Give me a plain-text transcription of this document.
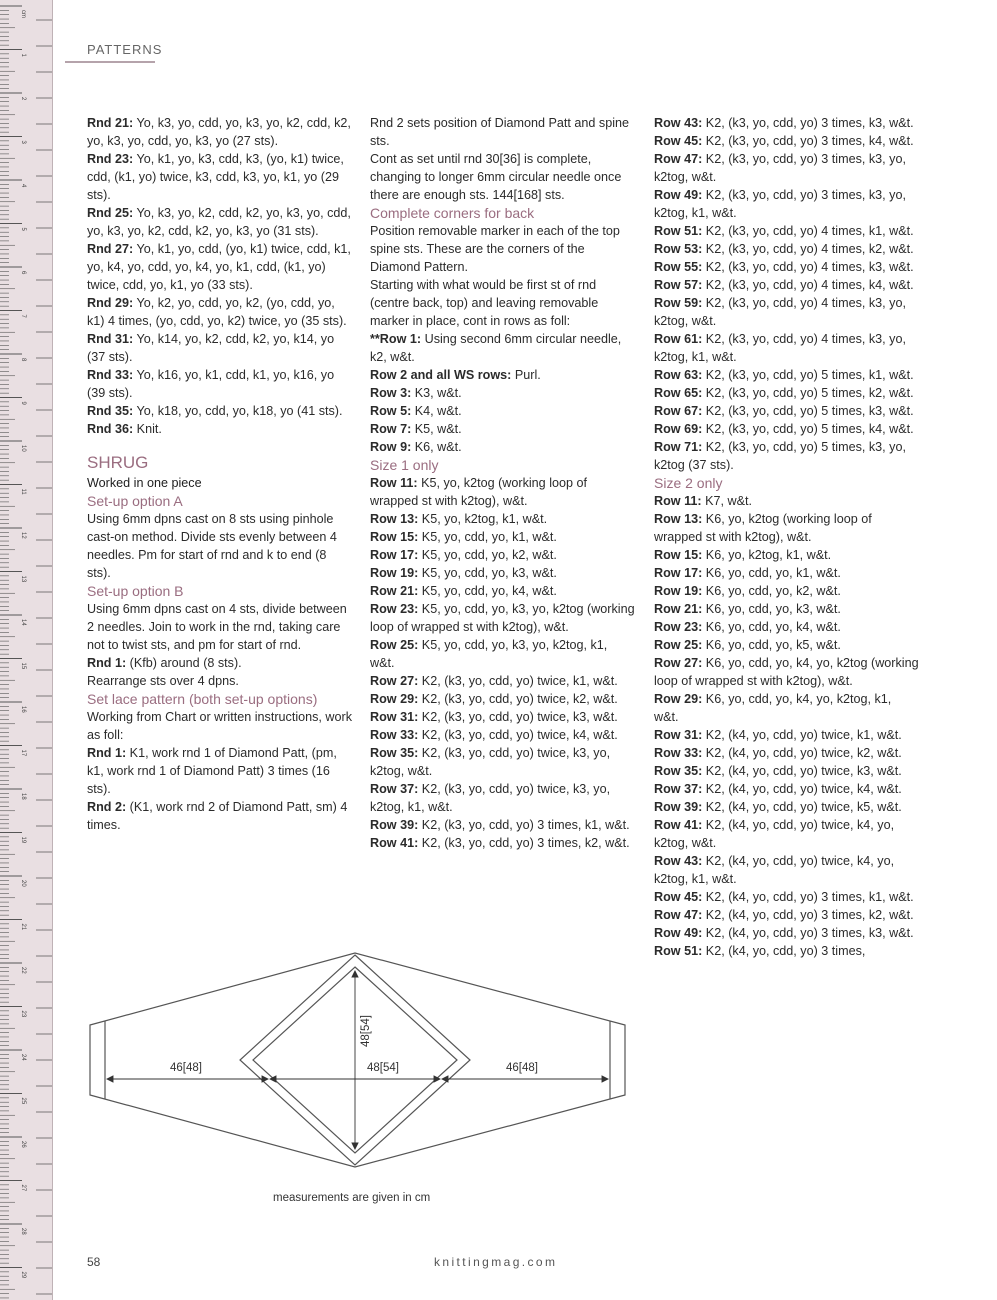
cm
1
2
3
4
5
6
7
8
9
10
11
12
13
14
15
16
17
18
19
20
21
22
23
24
25
26
27
28
29
PATTERNS

Rnd 21: Yo, k3, yo, cdd, yo, k3, yo, k2, cdd, k2, yo, k3, yo, cdd, yo, k3, yo (27 sts).

Rnd 23: Yo, k1, yo, k3, cdd, k3, (yo, k1) twice, cdd, (k1, yo) twice, k3, cdd, k3, yo, k1, yo (29 sts).

Rnd 25: Yo, k3, yo, k2, cdd, k2, yo, k3, yo, cdd, yo, k3, yo, k2, cdd, k2, yo, k3, yo (31 sts).

Rnd 27: Yo, k1, yo, cdd, (yo, k1) twice, cdd, k1, yo, k4, yo, cdd, yo, k4, yo, k1, cdd, (k1, yo) twice, cdd, yo, k1, yo (33 sts).

Rnd 29: Yo, k2, yo, cdd, yo, k2, (yo, cdd, yo, k1) 4 times, (yo, cdd, yo, k2) twice, yo (35 sts).

Rnd 31: Yo, k14, yo, k2, cdd, k2, yo, k14, yo (37 sts).

Rnd 33: Yo, k16, yo, k1, cdd, k1, yo, k16, yo (39 sts).

Rnd 35: Yo, k18, yo, cdd, yo, k18, yo (41 sts).

Rnd 36: Knit.

SHRUG

Worked in one piece

Set-up option A

Using 6mm dpns cast on 8 sts using pinhole cast-on method. Divide sts evenly between 4 needles. Pm for start of rnd and k to end (8 sts).

Set-up option B

Using 6mm dpns cast on 4 sts, divide between 2 needles. Join to work in the rnd, taking care not to twist sts, and pm for start of rnd.

Rnd 1: (Kfb) around (8 sts).

Rearrange sts over 4 dpns.

Set lace pattern (both set-up options)

Working from Chart or written instructions, work as foll:

Rnd 1: K1, work rnd 1 of Diamond Patt, (pm, k1, work rnd 1 of Diamond Patt) 3 times (16 sts).

Rnd 2: (K1, work rnd 2 of Diamond Patt, sm) 4 times.

Rnd 2 sets position of Diamond Patt and spine sts.

Cont as set until rnd 30[36] is complete, changing to longer 6mm circular needle once there are enough sts. 144[168] sts.

Complete corners for back

Position removable marker in each of the top spine sts. These are the corners of the Diamond Pattern.

Starting with what would be first st of rnd (centre back, top) and leaving removable marker in place, cont in rows as foll:

**Row 1: Using second 6mm circular needle, k2, w&t.

Row 2 and all WS rows: Purl.

Row 3: K3, w&t.

Row 5: K4, w&t.

Row 7: K5, w&t.

Row 9: K6, w&t.

Size 1 only

Row 11: K5, yo, k2tog (working loop of wrapped st with k2tog), w&t.

Row 13: K5, yo, k2tog, k1, w&t.

Row 15: K5, yo, cdd, yo, k1, w&t.

Row 17: K5, yo, cdd, yo, k2, w&t.

Row 19: K5, yo, cdd, yo, k3, w&t.

Row 21: K5, yo, cdd, yo, k4, w&t.

Row 23: K5, yo, cdd, yo, k3, yo, k2tog (working loop of wrapped st with k2tog), w&t.

Row 25: K5, yo, cdd, yo, k3, yo, k2tog, k1, w&t.

Row 27: K2, (k3, yo, cdd, yo) twice, k1, w&t.

Row 29: K2, (k3, yo, cdd, yo) twice, k2, w&t.

Row 31: K2, (k3, yo, cdd, yo) twice, k3, w&t.

Row 33: K2, (k3, yo, cdd, yo) twice, k4, w&t.

Row 35: K2, (k3, yo, cdd, yo) twice, k3, yo, k2tog, w&t.

Row 37: K2, (k3, yo, cdd, yo) twice, k3, yo, k2tog, k1, w&t.

Row 39: K2, (k3, yo, cdd, yo) 3 times, k1, w&t.

Row 41: K2, (k3, yo, cdd, yo) 3 times, k2, w&t.

Row 43: K2, (k3, yo, cdd, yo) 3 times, k3, w&t.

Row 45: K2, (k3, yo, cdd, yo) 3 times, k4, w&t.

Row 47: K2, (k3, yo, cdd, yo) 3 times, k3, yo, k2tog, w&t.

Row 49: K2, (k3, yo, cdd, yo) 3 times, k3, yo, k2tog, k1, w&t.

Row 51: K2, (k3, yo, cdd, yo) 4 times, k1, w&t.

Row 53: K2, (k3, yo, cdd, yo) 4 times, k2, w&t.

Row 55: K2, (k3, yo, cdd, yo) 4 times, k3, w&t.

Row 57: K2, (k3, yo, cdd, yo) 4 times, k4, w&t.

Row 59: K2, (k3, yo, cdd, yo) 4 times, k3, yo, k2tog, w&t.

Row 61: K2, (k3, yo, cdd, yo) 4 times, k3, yo, k2tog, k1, w&t.

Row 63: K2, (k3, yo, cdd, yo) 5 times, k1, w&t.

Row 65: K2, (k3, yo, cdd, yo) 5 times, k2, w&t.

Row 67: K2, (k3, yo, cdd, yo) 5 times, k3, w&t.

Row 69: K2, (k3, yo, cdd, yo) 5 times, k4, w&t.

Row 71: K2, (k3, yo, cdd, yo) 5 times, k3, yo, k2tog (37 sts).

Size 2 only

Row 11: K7, w&t.

Row 13: K6, yo, k2tog (working loop of wrapped st with k2tog), w&t.

Row 15: K6, yo, k2tog, k1, w&t.

Row 17: K6, yo, cdd, yo, k1, w&t.

Row 19: K6, yo, cdd, yo, k2, w&t.

Row 21: K6, yo, cdd, yo, k3, w&t.

Row 23: K6, yo, cdd, yo, k4, w&t.

Row 25: K6, yo, cdd, yo, k5, w&t.

Row 27: K6, yo, cdd, yo, k4, yo, k2tog (working loop of wrapped st with k2tog), w&t.

Row 29: K6, yo, cdd, yo, k4, yo, k2tog, k1, w&t.

Row 31: K2, (k4, yo, cdd, yo) twice, k1, w&t.

Row 33: K2, (k4, yo, cdd, yo) twice, k2, w&t.

Row 35: K2, (k4, yo, cdd, yo) twice, k3, w&t.

Row 37: K2, (k4, yo, cdd, yo) twice, k4, w&t.

Row 39: K2, (k4, yo, cdd, yo) twice, k5, w&t.

Row 41: K2, (k4, yo, cdd, yo) twice, k4, yo, k2tog, w&t.

Row 43: K2, (k4, yo, cdd, yo) twice, k4, yo, k2tog, k1, w&t.

Row 45: K2, (k4, yo, cdd, yo) 3 times, k1, w&t.

Row 47: K2, (k4, yo, cdd, yo) 3 times, k2, w&t.

Row 49: K2, (k4, yo, cdd, yo) 3 times, k3, w&t.

Row 51: K2, (k4, yo, cdd, yo) 3 times,

46[48]	48[54]	46[48]
48[54]
measurements are given in cm
58	knittingmag.com
